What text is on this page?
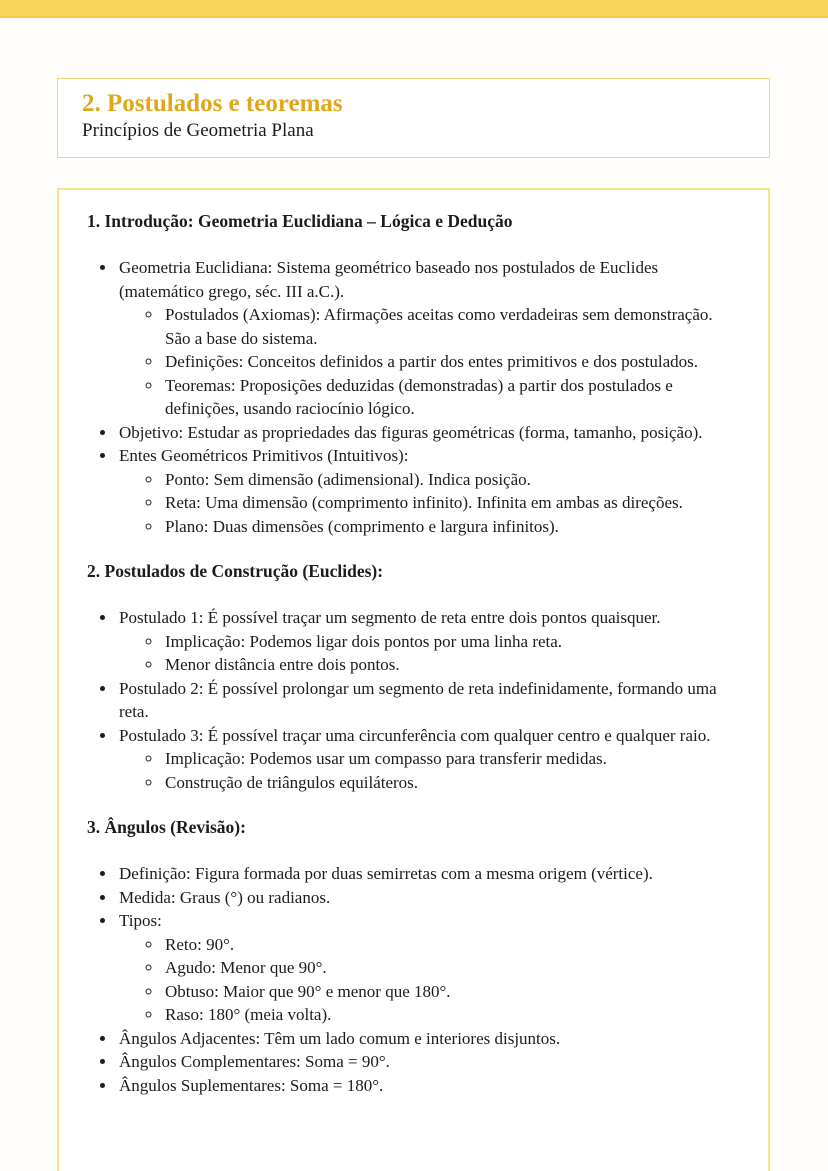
2. Postulados e teoremas

Princípios de Geometria Plana

1. Introdução: Geometria Euclidiana – Lógica e Dedução
• Geometria Euclidiana: Sistema geométrico baseado nos postulados de Euclides (matemático grego, séc. III a.C.).
◦ Postulados (Axiomas): Afirmações aceitas como verdadeiras sem demonstração. São a base do sistema.
◦ Definições: Conceitos definidos a partir dos entes primitivos e dos postulados.
◦ Teoremas: Proposições deduzidas (demonstradas) a partir dos postulados e definições, usando raciocínio lógico.
• Objetivo: Estudar as propriedades das figuras geométricas (forma, tamanho, posição).
• Entes Geométricos Primitivos (Intuitivos):
◦ Ponto: Sem dimensão (adimensional). Indica posição.
◦ Reta: Uma dimensão (comprimento infinito). Infinita em ambas as direções.
◦ Plano: Duas dimensões (comprimento e largura infinitos).
2. Postulados de Construção (Euclides):
• Postulado 1: É possível traçar um segmento de reta entre dois pontos quaisquer.
◦ Implicação: Podemos ligar dois pontos por uma linha reta.
◦ Menor distância entre dois pontos.
• Postulado 2: É possível prolongar um segmento de reta indefinidamente, formando uma reta.
• Postulado 3: É possível traçar uma circunferência com qualquer centro e qualquer raio.
◦ Implicação: Podemos usar um compasso para transferir medidas.
◦ Construção de triângulos equiláteros.
3. Ângulos (Revisão):
• Definição: Figura formada por duas semirretas com a mesma origem (vértice).
• Medida: Graus (°) ou radianos.
• Tipos:
◦ Reto: 90°.
◦ Agudo: Menor que 90°.
◦ Obtuso: Maior que 90° e menor que 180°.
◦ Raso: 180° (meia volta).
• Ângulos Adjacentes: Têm um lado comum e interiores disjuntos.
• Ângulos Complementares: Soma = 90°.
• Ângulos Suplementares: Soma = 180°.
